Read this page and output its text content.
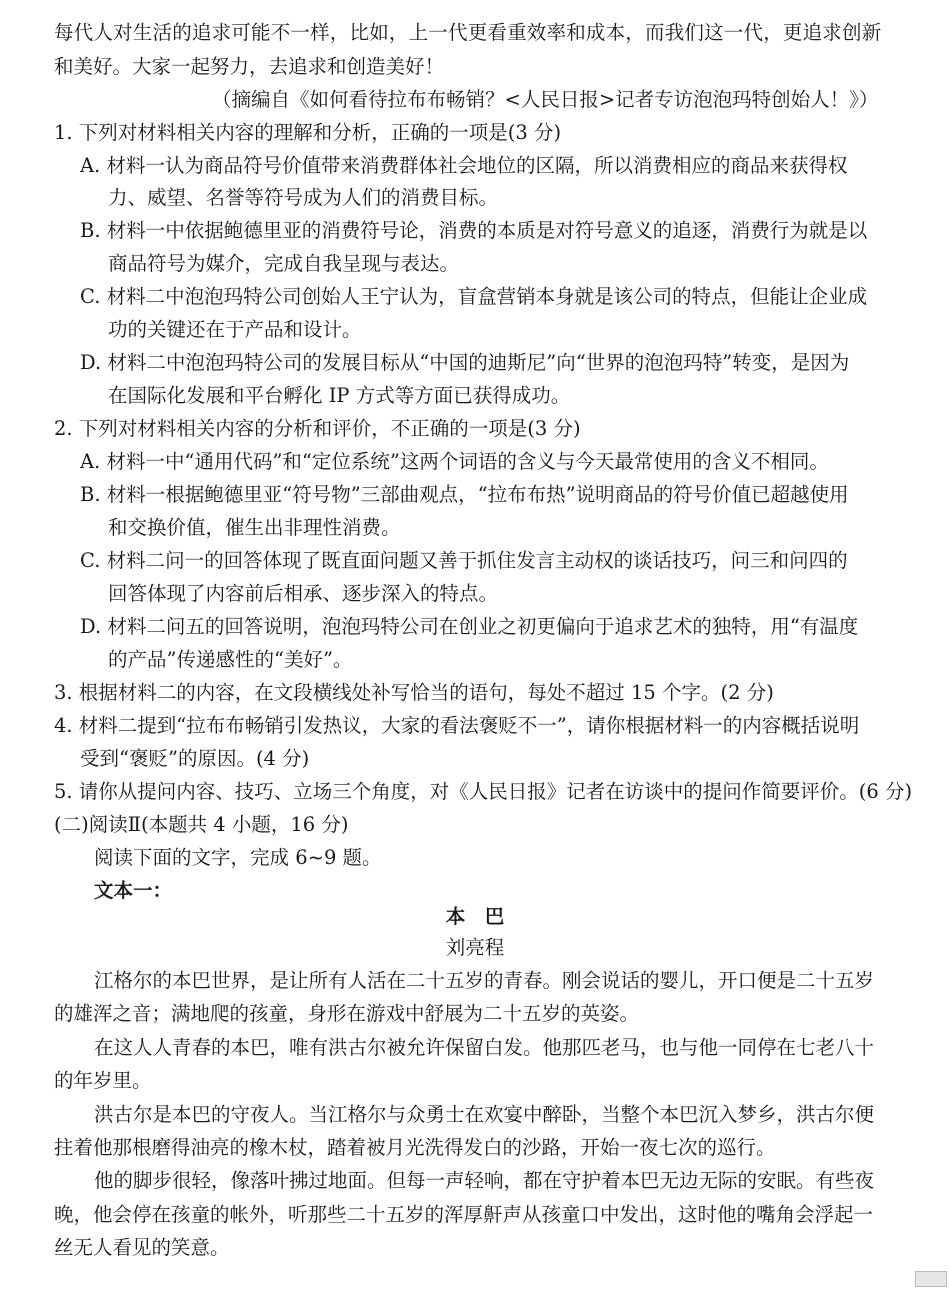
每代人对生活的追求可能不一样，比如，上一代更看重效率和成本，而我们这一代，更追求创新
和美好。大家一起努力，去追求和创造美好！
（摘编自《如何看待拉布布畅销？<人民日报>记者专访泡泡玛特创始人！》）
1. 下列对材料相关内容的理解和分析，正确的一项是(3 分)
A. 材料一认为商品符号价值带来消费群体社会地位的区隔，所以消费相应的商品来获得权
力、威望、名誉等符号成为人们的消费目标。
B. 材料一中依据鲍德里亚的消费符号论，消费的本质是对符号意义的追逐，消费行为就是以
商品符号为媒介，完成自我呈现与表达。
C. 材料二中泡泡玛特公司创始人王宁认为，盲盒营销本身就是该公司的特点，但能让企业成
功的关键还在于产品和设计。
D. 材料二中泡泡玛特公司的发展目标从“中国的迪斯尼”向“世界的泡泡玛特”转变，是因为
在国际化发展和平台孵化 IP 方式等方面已获得成功。
2. 下列对材料相关内容的分析和评价，不正确的一项是(3 分)
A. 材料一中“通用代码”和“定位系统”这两个词语的含义与今天最常使用的含义不相同。
B. 材料一根据鲍德里亚“符号物”三部曲观点，“拉布布热”说明商品的符号价值已超越使用
和交换价值，催生出非理性消费。
C. 材料二问一的回答体现了既直面问题又善于抓住发言主动权的谈话技巧，问三和问四的
回答体现了内容前后相承、逐步深入的特点。
D. 材料二问五的回答说明，泡泡玛特公司在创业之初更偏向于追求艺术的独特，用“有温度
的产品”传递感性的“美好”。
3. 根据材料二的内容，在文段横线处补写恰当的语句，每处不超过 15 个字。(2 分)
4. 材料二提到“拉布布畅销引发热议，大家的看法褒贬不一”，请你根据材料一的内容概括说明
受到“褒贬”的原因。(4 分)
5. 请你从提问内容、技巧、立场三个角度，对《人民日报》记者在访谈中的提问作简要评价。(6 分)
(二)阅读Ⅱ(本题共 4 小题，16 分)
阅读下面的文字，完成 6~9 题。
文本一：
本　巴
刘亮程
江格尔的本巴世界，是让所有人活在二十五岁的青春。刚会说话的婴儿，开口便是二十五岁
的雄浑之音；满地爬的孩童，身形在游戏中舒展为二十五岁的英姿。
在这人人青春的本巴，唯有洪古尔被允许保留白发。他那匹老马，也与他一同停在七老八十
的年岁里。
洪古尔是本巴的守夜人。当江格尔与众勇士在欢宴中醉卧，当整个本巴沉入梦乡，洪古尔便
拄着他那根磨得油亮的橡木杖，踏着被月光洗得发白的沙路，开始一夜七次的巡行。
他的脚步很轻，像落叶拂过地面。但每一声轻响，都在守护着本巴无边无际的安眠。有些夜
晚，他会停在孩童的帐外，听那些二十五岁的浑厚鼾声从孩童口中发出，这时他的嘴角会浮起一
丝无人看见的笑意。
